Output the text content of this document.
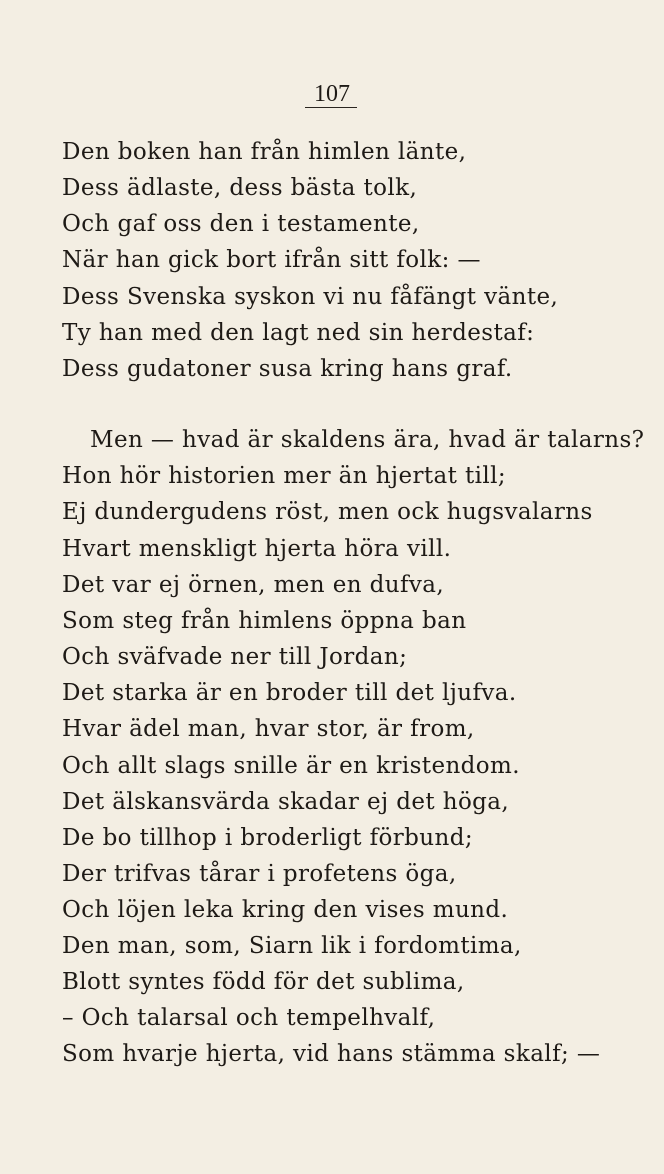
107
Den boken han från himlen länte,
Dess ädlaste, dess bästa tolk,
Och gaf oss den i testamente,
När han gick bort ifrån sitt folk: —
Dess Svenska syskon vi nu fåfängt vänte,
Ty han med den lagt ned sin herdestaf:
Dess gudatoner susa kring hans graf.
Men — hvad är skaldens ära, hvad är talarns?
Hon hör historien mer än hjertat till;
Ej dundergudens röst, men ock hugsvalarns
Hvart menskligt hjerta höra vill.
Det var ej örnen, men en dufva,
Som steg från himlens öppna ban
Och sväfvade ner till Jordan;
Det starka är en broder till det ljufva.
Hvar ädel man, hvar stor, är from,
Och allt slags snille är en kristendom.
Det älskansvärda skadar ej det höga,
De bo tillhop i broderligt förbund;
Der trifvas tårar i profetens öga,
Och löjen leka kring den vises mund.
Den man, som, Siarn lik i fordomtima,
Blott syntes född för det sublima,
– Och talarsal och tempelhvalf,
Som hvarje hjerta, vid hans stämma skalf; —
